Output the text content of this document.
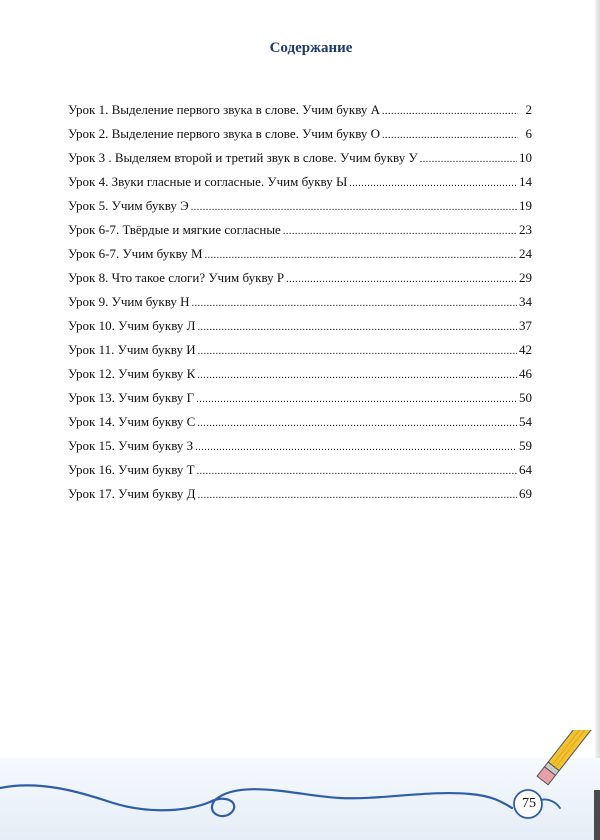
Содержание
Урок 1. Выделение первого звука в слове. Учим букву А .....	2
Урок 2. Выделение первого звука в слове. Учим букву О .....	6
Урок 3 . Выделяем второй и третий звук в слове. Учим букву У .....	10
Урок 4. Звуки гласные и согласные. Учим букву Ы .....	14
Урок 5. Учим букву Э .....	19
Урок 6-7. Твёрдые и мягкие согласные .....	23
Урок 6-7. Учим букву М .....	24
Урок 8. Что такое слоги? Учим букву Р .....	29
Урок 9. Учим букву Н .....	34
Урок 10. Учим букву Л .....	37
Урок 11. Учим букву И .....	42
Урок 12. Учим букву К .....	46
Урок 13. Учим букву Г .....	50
Урок 14. Учим букву С .....	54
Урок 15. Учим букву З .....	59
Урок 16. Учим букву Т .....	64
Урок 17. Учим букву Д .....	69
75
